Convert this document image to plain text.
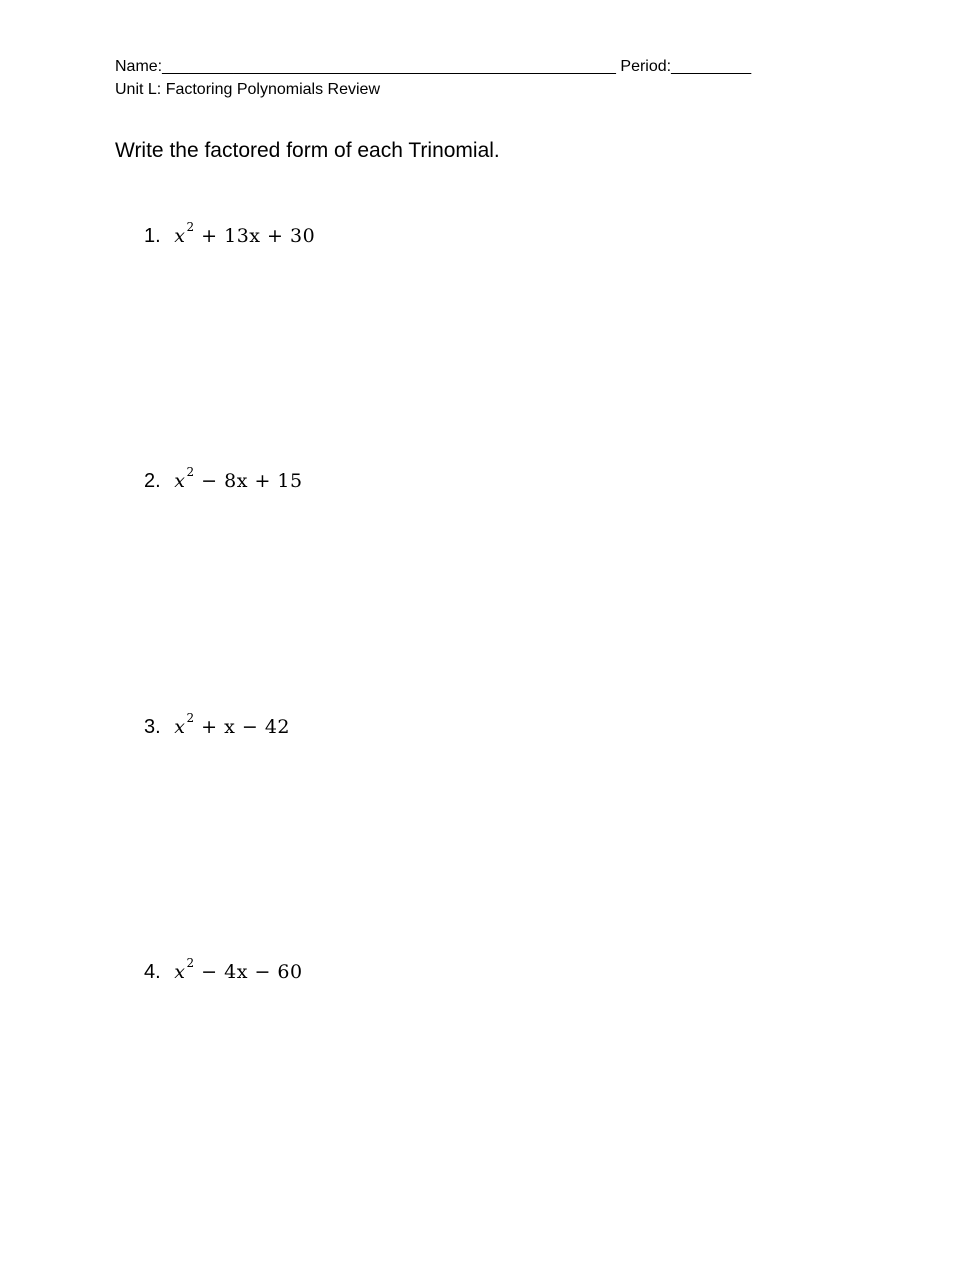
Name:___________________________________________________ Period:_________
Unit L: Factoring Polynomials Review
Write the factored form of each Trinomial.
1. $x^2 + 13x + 30$
2. $x^2 - 8x + 15$
3. $x^2 + x - 42$
4. $x^2 - 4x - 60$
